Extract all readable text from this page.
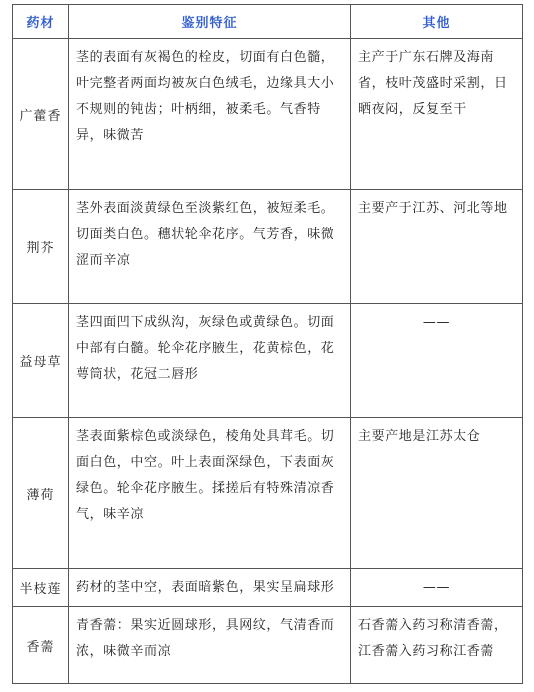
药材	鉴别特征	其他
广藿香	茎的表面有灰褐色的栓皮，切面有白色髓，叶完整者两面均被灰白色绒毛，边缘具大小不规则的钝齿；叶柄细，被柔毛。气香特异，味微苦	主产于广东石牌及海南省，枝叶茂盛时采割，日晒夜闷，反复至干
荆芥	茎外表面淡黄绿色至淡紫红色，被短柔毛。切面类白色。穗状轮伞花序。气芳香，味微涩而辛凉	主要产于江苏、河北等地
益母草	茎四面凹下成纵沟，灰绿色或黄绿色。切面中部有白髓。轮伞花序腋生，花黄棕色，花萼筒状，花冠二唇形	——
薄荷	茎表面紫棕色或淡绿色，棱角处具茸毛。切面白色，中空。叶上表面深绿色，下表面灰绿色。轮伞花序腋生。揉搓后有特殊清凉香气，味辛凉	主要产地是江苏太仓
半枝莲	药材的茎中空，表面暗紫色，果实呈扁球形	——
香薷	青香薷：果实近圆球形，具网纹，气清香而浓，味微辛而凉	石香薷入药习称清香薷，江香薷入药习称江香薷
